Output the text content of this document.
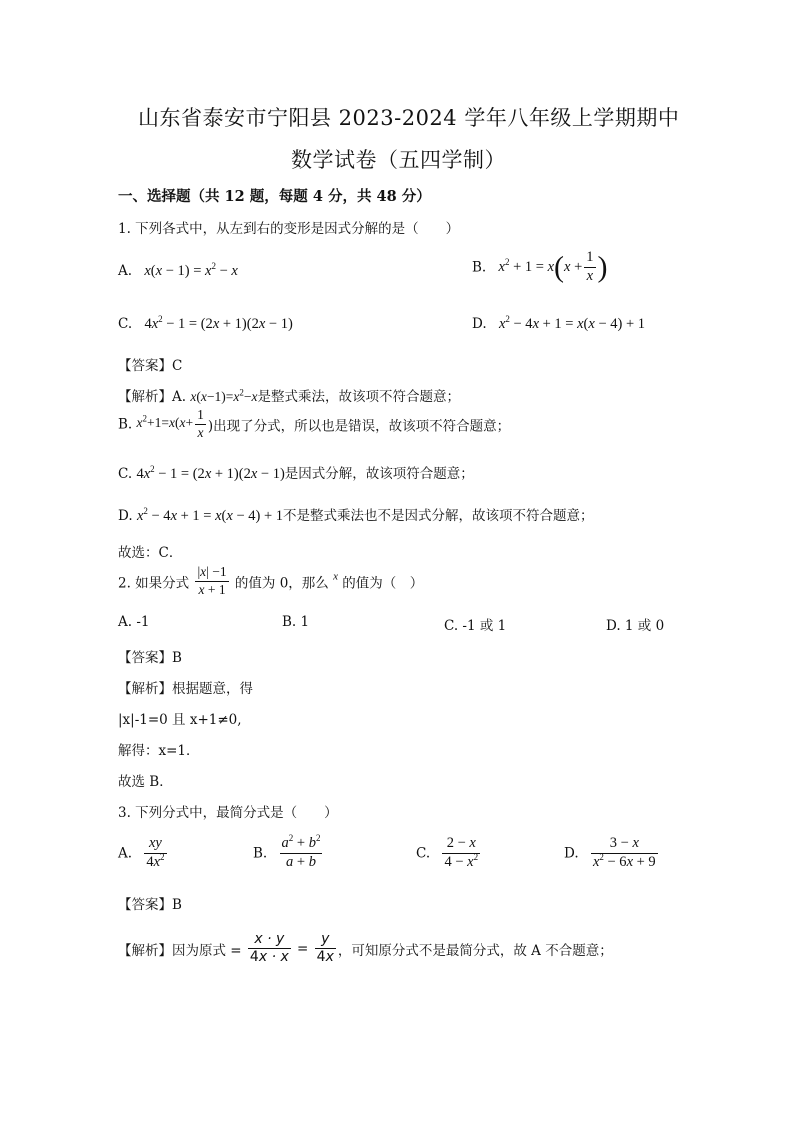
山东省泰安市宁阳县 2023-2024 学年八年级上学期期中
数学试卷（五四学制）
一、选择题（共 12 题，每题 4 分，共 48 分）
1. 下列各式中，从左到右的变形是因式分解的是（　　）
A. $x(x - 1) = x^2 - x$	B. $x^2 + 1 = x(x + \frac{1}{x}$ )
C. $4x^2 - 1 = (2x + 1)(2x - 1)$	D. $x^2 - 4x + 1 = x(x - 4) + 1$
【答案】C
【解析】A. $x(x-1)=x^2-x$是整式乘法，故该项不符合题意；
B. $x^2+1=x(x+ \frac{1}{x}$ )出现了分式，所以也是错误，故该项不符合题意；
C. $4x^2 - 1 = (2x + 1)(2x - 1)$是因式分解，故该项符合题意；
D. $x^2 - 4x + 1 = x(x - 4) + 1$不是整式乘法也不是因式分解，故该项不符合题意；
故选：C．
2. 如果分式 $\frac{|x| -1}{x + 1}$ 的值为 0，那么 $^x$ 的值为（　）
A. -1	B. 1	C. -1 或 1	D. 1 或 0
【答案】B
【解析】根据题意，得
|x|-1=0 且 x+1≠0,
解得：x=1．
故选 B．
3. 下列分式中，最简分式是（　　）
A. $\frac{xy}{4x^2}$	B. $\frac{a^2 + b^2}{a + b}$	C. $\frac{2 - x}{4 - x^2}$	D. $\frac{3 - x}{x^2 - 6x + 9}$
【答案】B
【解析】因为原式 = $\frac{x \cdot y}{4x \cdot x} = \frac{y}{4x}$ ，可知原分式不是最简分式，故 A 不合题意；
